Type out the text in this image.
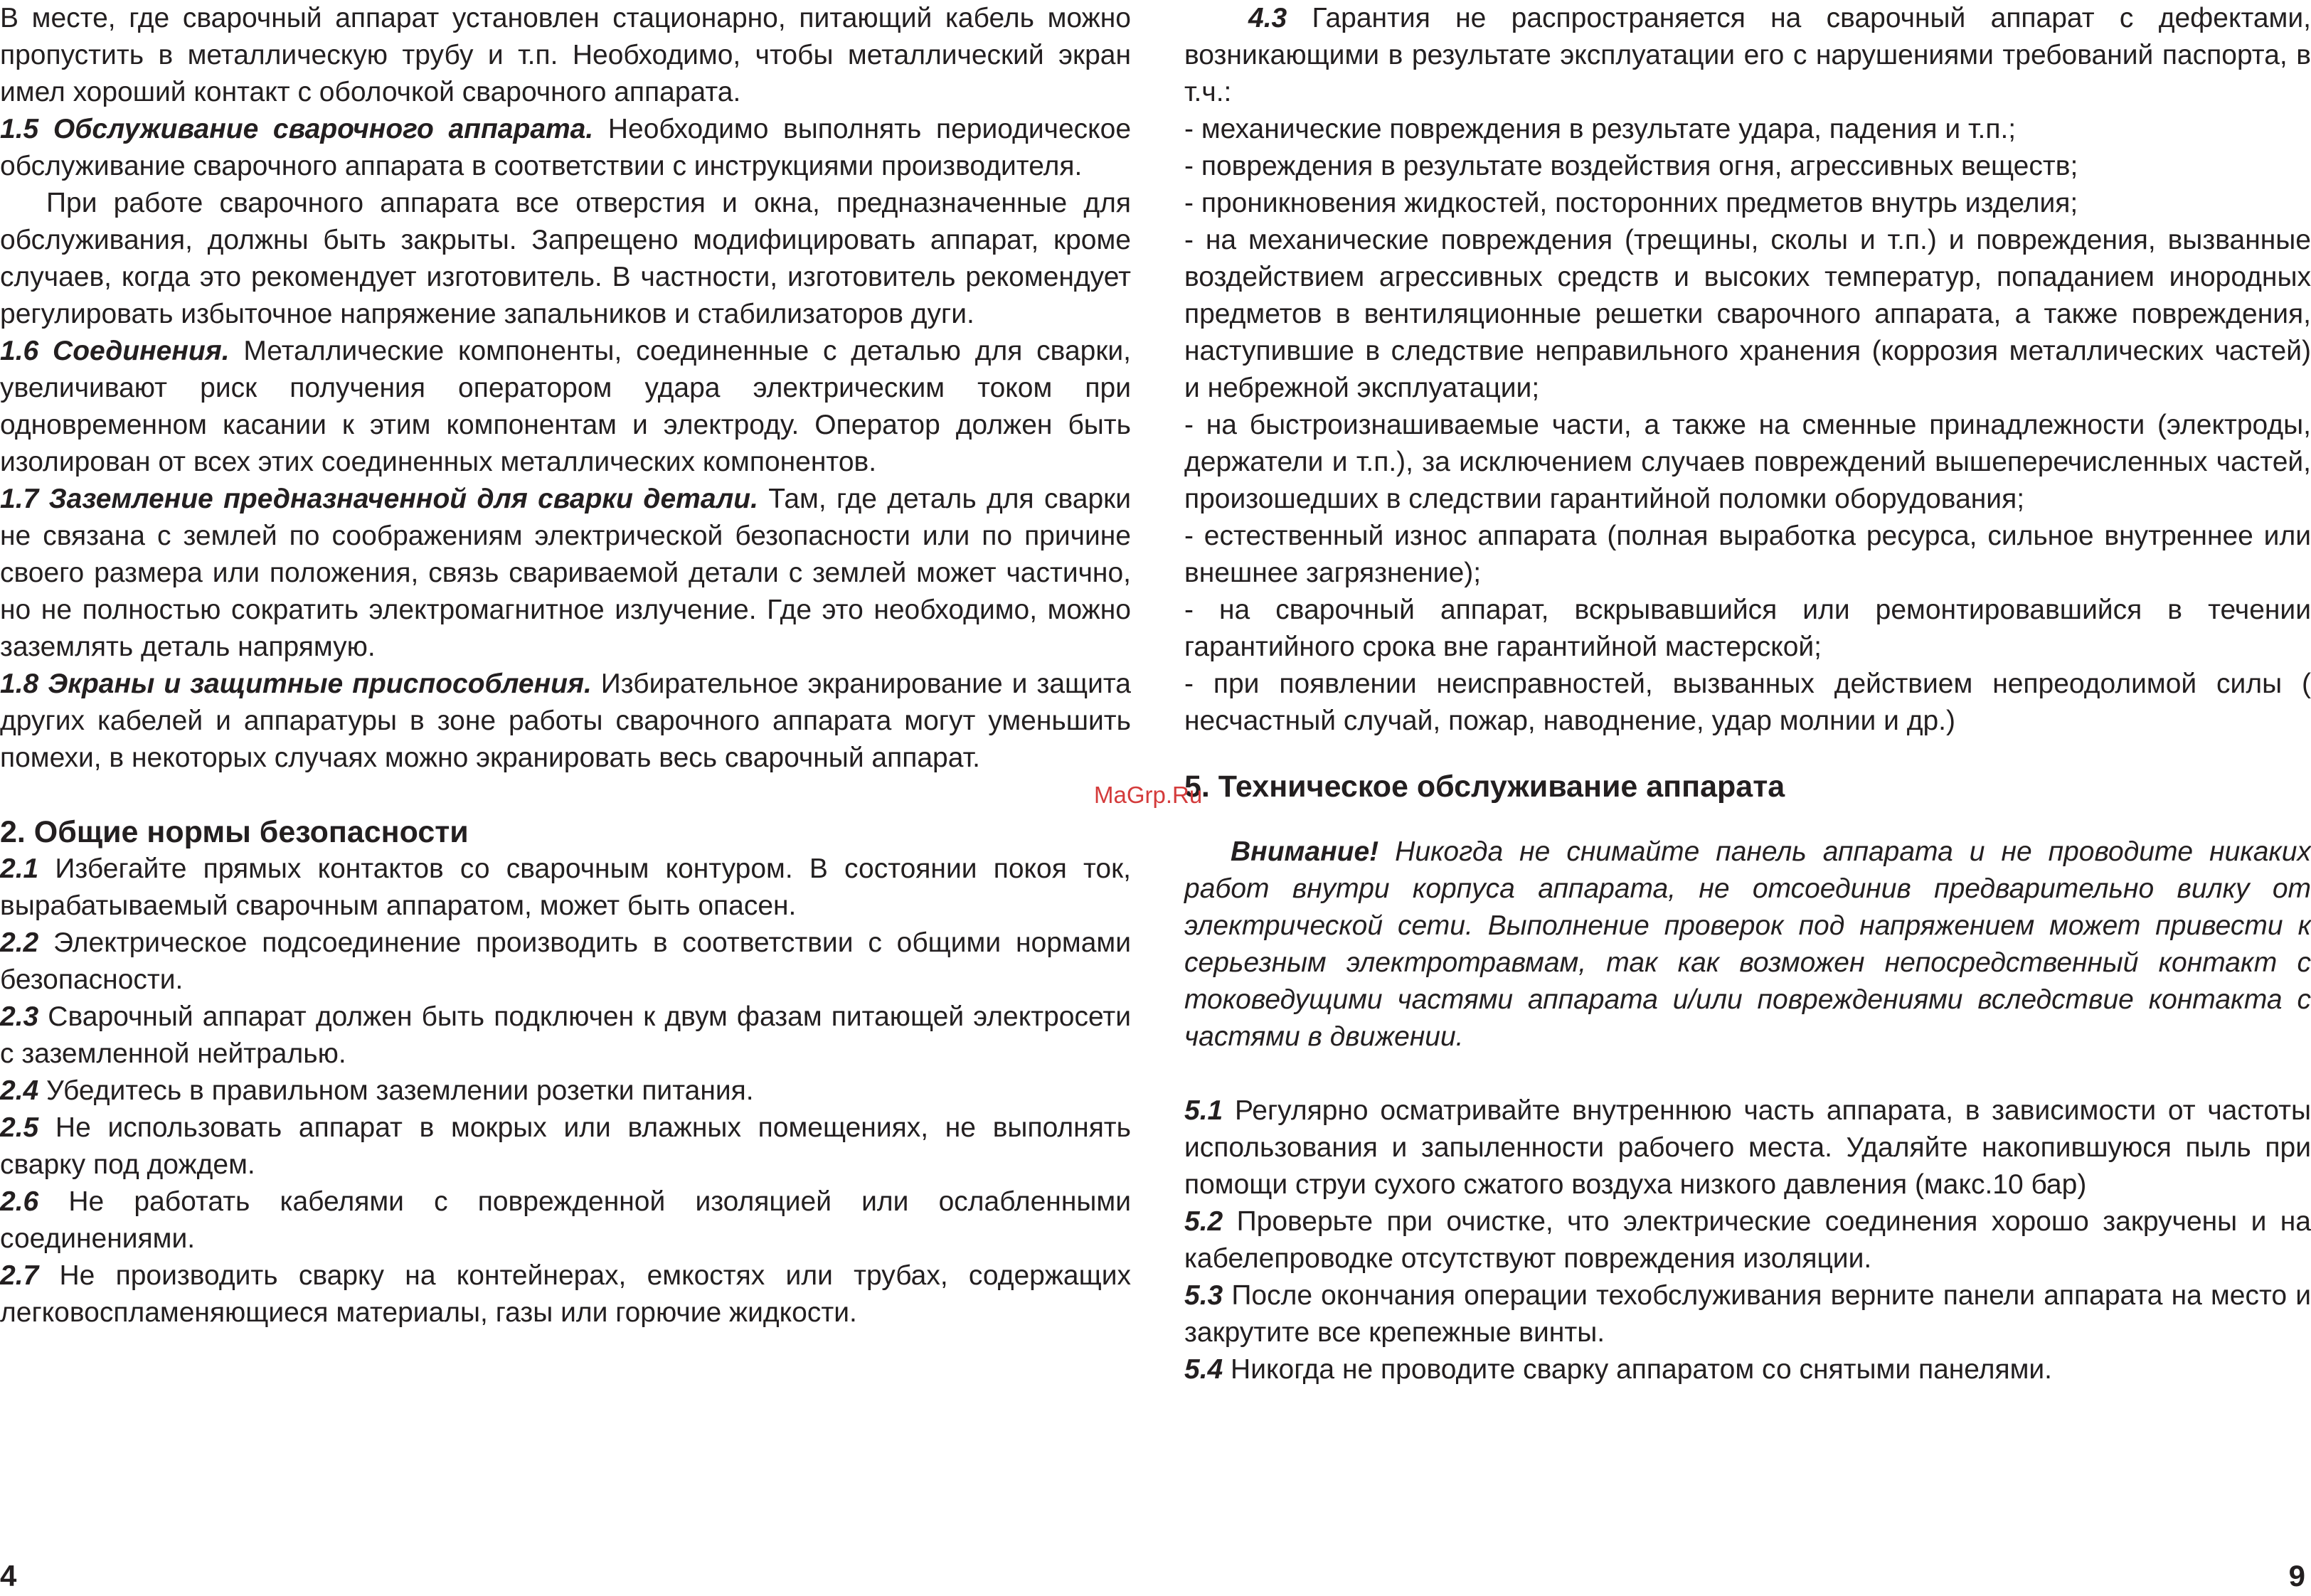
В месте, где сварочный аппарат установлен стационарно, питающий кабель можно пропустить в металлическую трубу и т.п. Необходимо, чтобы металлический экран имел хороший контакт с оболочкой сварочного аппарата.

1.5 Обслуживание сварочного аппарата. Необходимо выполнять периодическое обслуживание сварочного аппарата в соответствии с инструкциями производителя.

При работе сварочного аппарата все отверстия и окна, предназначенные для обслуживания, должны быть закрыты. Запрещено модифицировать аппарат, кроме случаев, когда это рекомендует изготовитель. В частности, изготовитель рекомендует регулировать избыточное напряжение запальников и стабилизаторов дуги.

1.6 Соединения. Металлические компоненты, соединенные с деталью для сварки, увеличивают риск получения оператором удара электрическим током при одновременном касании к этим компонентам и электроду. Оператор должен быть изолирован от всех этих соединенных металлических компонентов.

1.7 Заземление предназначенной для сварки детали. Там, где деталь для сварки не связана с землей по соображениям электрической безопасности или по причине своего размера или положения, связь свариваемой детали с землей может частично, но не полностью сократить электромагнитное излучение. Где это необходимо, можно заземлять деталь напрямую.

1.8 Экраны и защитные приспособления. Избирательное экранирование и защита других кабелей и аппаратуры в зоне работы сварочного аппарата могут уменьшить помехи, в некоторых случаях можно экранировать весь сварочный аппарат.

2. Общие нормы безопасности

2.1 Избегайте прямых контактов со сварочным контуром. В состоянии покоя ток, вырабатываемый сварочным аппаратом, может быть опасен.

2.2 Электрическое подсоединение производить в соответствии с общими нормами безопасности.

2.3 Сварочный аппарат должен быть подключен к двум фазам питающей электросети с заземленной нейтралью.

2.4 Убедитесь в правильном заземлении розетки питания.

2.5 Не использовать аппарат в мокрых или влажных помещениях, не выполнять сварку под дождем.

2.6 Не работать кабелями с поврежденной изоляцией или ослабленными соединениями.

2.7 Не производить сварку на контейнерах, емкостях или трубах, содержащих легковоспламеняющиеся материалы, газы или горючие жидкости.

4.3 Гарантия не распространяется на сварочный аппарат с дефектами, возникающими в результате эксплуатации его с нарушениями требований паспорта, в т.ч.:

- механические повреждения в результате удара, падения и т.п.;

- повреждения в результате воздействия огня, агрессивных веществ;

- проникновения жидкостей, посторонних предметов внутрь изделия;

- на механические повреждения (трещины, сколы и т.п.) и повреждения, вызванные воздействием агрессивных средств и высоких температур, попаданием инородных предметов в вентиляционные решетки сварочного аппарата, а также повреждения, наступившие в следствие неправильного хранения (коррозия металлических частей) и небрежной эксплуатации;

- на быстроизнашиваемые части, а также на сменные принадлежности (электроды, держатели и т.п.), за исключением случаев повреждений вышеперечисленных частей, произошедших в следствии гарантийной поломки оборудования;

- естественный износ аппарата (полная выработка ресурса, сильное внутреннее или внешнее загрязнение);

- на сварочный аппарат, вскрывавшийся или ремонтировавшийся в течении гарантийного срока вне гарантийной мастерской;

- при появлении неисправностей, вызванных действием непреодолимой силы ( несчастный случай, пожар, наводнение, удар молнии и др.)

5. Техническое обслуживание аппарата

Внимание! Никогда не снимайте панель аппарата и не проводите никаких работ внутри корпуса аппарата, не отсоединив предварительно вилку от электрической сети. Выполнение проверок под напряжением может привести к серьезным электротравмам, так как возможен непосредственный контакт с токоведущими частями аппарата и/или повреждениями вследствие контакта с частями в движении.

5.1 Регулярно осматривайте внутреннюю часть аппарата, в зависимости от частоты использования и запыленности рабочего места. Удаляйте накопившуюся пыль при помощи струи сухого сжатого воздуха низкого давления (макс.10 бар)

5.2 Проверьте при очистке, что электрические соединения хорошо закручены и на кабелепроводке отсутствуют повреждения изоляции.

5.3 После окончания операции техобслуживания верните панели аппарата на место и закрутите все крепежные винты.

5.4 Никогда не проводите сварку аппаратом со снятыми панелями.

MaGrp.Ru
4	9
